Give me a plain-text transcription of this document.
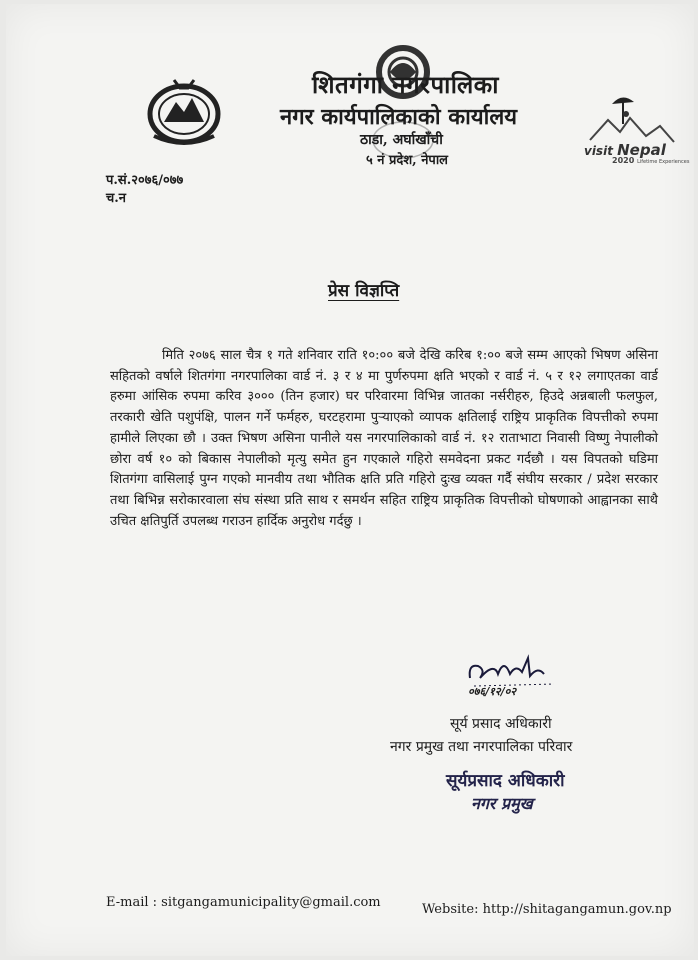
visit Nepal
2020 Lifetime Experiences
शितगंगा नगरपालिका
नगर कार्यपालिकाको कार्यालय
ठाडा, अर्घाखाँची
५ नं प्रदेश, नेपाल
प.सं.२०७६/०७७
च.न
प्रेस विज्ञप्ति
मिति २०७६ साल चैत्र १ गते शनिवार राति १०:०० बजे देखि करिब १:०० बजे सम्म आएको भिषण असिना सहितको वर्षाले शितगंगा नगरपालिका वार्ड नं. ३ र ४ मा पुर्णरुपमा क्षति भएको र वार्ड नं. ५ र १२ लगाएतका वार्ड हरुमा आंसिक रुपमा करिव ३००० (तिन हजार) घर परिवारमा विभिन्न जातका नर्सरीहरु, हिउदे अन्नबाली फलफुल, तरकारी खेति पशुपंक्षि, पालन गर्ने फर्महरु, घरटहरामा पुऱ्याएको व्यापक क्षतिलाई राष्ट्रिय प्राकृतिक विपत्तीको रुपमा हामीले लिएका छौ । उक्त भिषण असिना पानीले यस नगरपालिकाको वार्ड नं. १२ राताभाटा निवासी विष्णु नेपालीको छोरा वर्ष १० को बिकास नेपालीको मृत्यु समेत हुन गएकाले गहिरो समवेदना प्रकट गर्दछौ । यस विपतको घडिमा शितगंगा वासिलाई पुग्न गएको मानवीय तथा भौतिक क्षति प्रति गहिरो दुःख व्यक्त गर्दै संघीय सरकार / प्रदेश सरकार तथा बिभिन्न सरोकारवाला संघ संस्था प्रति साथ र समर्थन सहित राष्ट्रिय प्राकृतिक विपत्तीको घोषणाको आह्वानका साथै उचित क्षतिपुर्ति उपलब्ध गराउन हार्दिक अनुरोध गर्दछु ।
०७६/१२/०२
सूर्य प्रसाद अधिकारी
नगर प्रमुख तथा नगरपालिका परिवार
सूर्यप्रसाद अधिकारी
नगर प्रमुख
E-mail : sitgangamunicipality@gmail.com	Website: http://shitagangamun.gov.np
